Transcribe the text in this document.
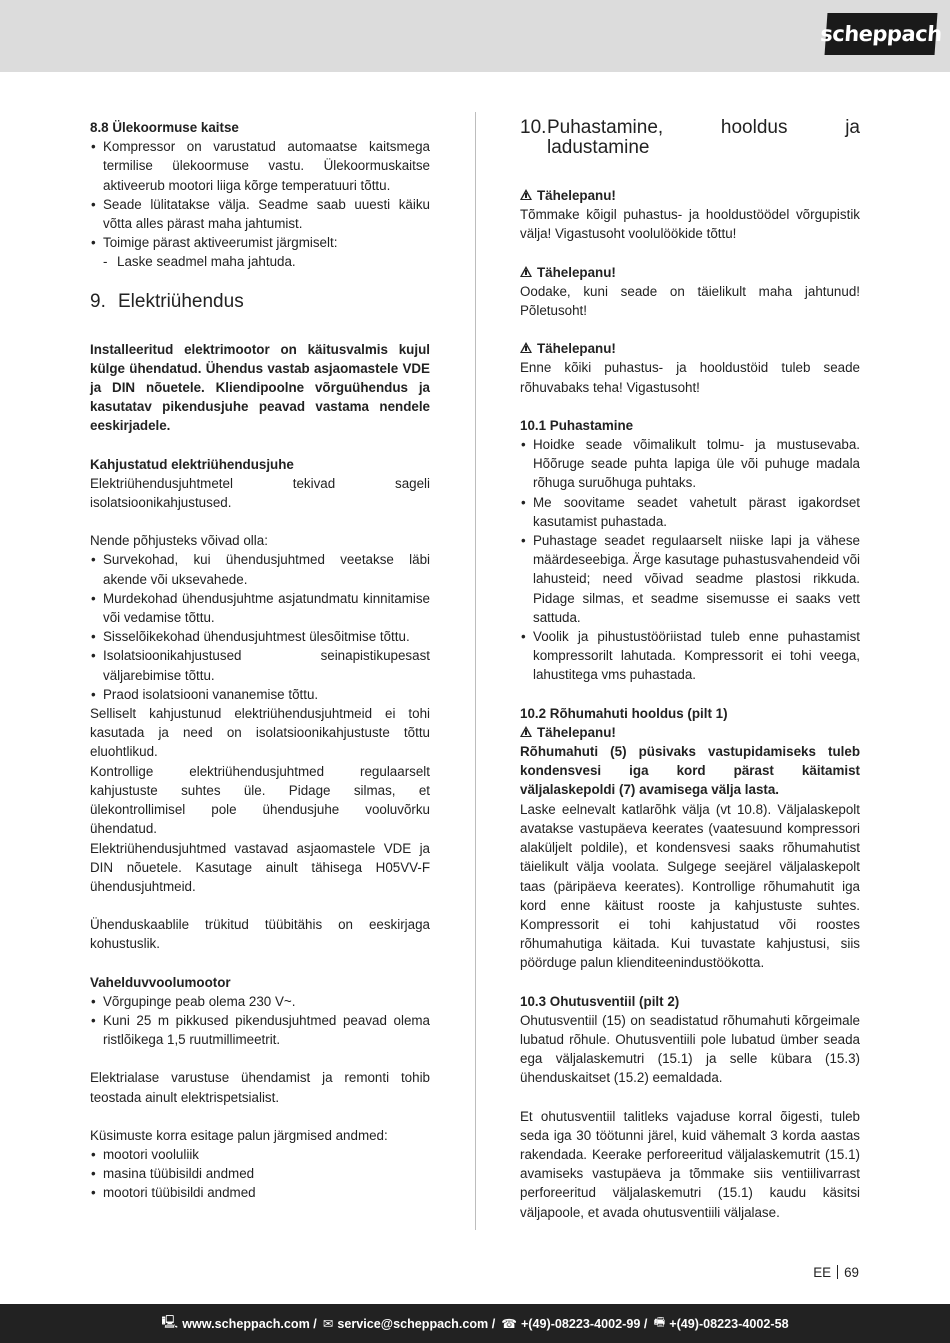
scheppach

8.8 Ülekoormuse kaitse

• Kompressor on varustatud automaatse kaitsmega termilise ülekoormuse vastu. Ülekoormuskaitse aktiveerub mootori liiga kõrge temperatuuri tõttu.
• Seade lülitatakse välja. Seadme saab uuesti käiku võtta alles pärast maha jahtumist.
• Toimige pärast aktiveerumist järgmiselt:
- Laske seadmel maha jahtuda.
9. Elektriühendus

Installeeritud elektrimootor on käitusvalmis kujul külge ühendatud. Ühendus vastab asjaomastele VDE ja DIN nõuetele. Kliendipoolne võrguühendus ja kasutatav pikendusjuhe peavad vastama nendele eeskirjadele.

Kahjustatud elektriühendusjuhe

Elektriühendusjuhtmetel tekivad sageli isolatsioonikahjustused.

Nende põhjusteks võivad olla:

• Survekohad, kui ühendusjuhtmed veetakse läbi akende või uksevahede.
• Murdekohad ühendusjuhtme asjatundmatu kinnitamise või vedamise tõttu.
• Sisselõikekohad ühendusjuhtmest ülesõitmise tõttu.
• Isolatsioonikahjustused seinapistikupesast väljarebimise tõttu.
• Praod isolatsiooni vananemise tõttu.

Selliselt kahjustunud elektriühendusjuhtmeid ei tohi kasutada ja need on isolatsioonikahjustuste tõttu eluohtlikud.

Kontrollige elektriühendusjuhtmed regulaarselt kahjustuste suhtes üle. Pidage silmas, et ülekontrollimisel pole ühendusjuhe vooluvõrku ühendatud.

Elektriühendusjuhtmed vastavad asjaomastele VDE ja DIN nõuetele. Kasutage ainult tähisega H05VV-F ühendusjuhtmeid.

Ühenduskaablile trükitud tüübitähis on eeskirjaga kohustuslik.

Vahelduvvoolumootor

• Võrgupinge peab olema 230 V~.
• Kuni 25 m pikkused pikendusjuhtmed peavad olema ristlõikega 1,5 ruutmillimeetrit.

Elektrialase varustuse ühendamist ja remonti tohib teostada ainult elektrispetsialist.

Küsimuste korra esitage palun järgmised andmed:

• mootori vooluliik
• masina tüübisildi andmed
• mootori tüübisildi andmed
10.Puhastamine, hooldus ja ladustamine

Tähelepanu!

Tõmmake kõigil puhastus- ja hooldustöödel võrgupistik välja! Vigastusoht voolulöökide tõttu!

Tähelepanu!

Oodake, kuni seade on täielikult maha jahtunud! Põletusoht!

Tähelepanu!

Enne kõiki puhastus- ja hooldustöid tuleb seade rõhuvabaks teha! Vigastusoht!

10.1 Puhastamine

• Hoidke seade võimalikult tolmu- ja mustusevaba. Hõõruge seade puhta lapiga üle või puhuge madala rõhuga suruõhuga puhtaks.
• Me soovitame seadet vahetult pärast igakordset kasutamist puhastada.
• Puhastage seadet regulaarselt niiske lapi ja vähese määrdeseebiga. Ärge kasutage puhastusvahendeid või lahusteid; need võivad seadme plastosi rikkuda. Pidage silmas, et seadme sisemusse ei saaks vett sattuda.
• Voolik ja pihustustööriistad tuleb enne puhastamist kompressorilt lahutada. Kompressorit ei tohi veega, lahustitega vms puhastada.

10.2 Rõhumahuti hooldus (pilt 1)

Tähelepanu!

Rõhumahuti (5) püsivaks vastupidamiseks tuleb kondensvesi iga kord pärast käitamist väljalaskepoldi (7) avamisega välja lasta.

Laske eelnevalt katlarõhk välja (vt 10.8). Väljalaskepolt avatakse vastupäeva keerates (vaatesuund kompressori alaküljelt poldile), et kondensvesi saaks rõhumahutist täielikult välja voolata. Sulgege seejärel väljalaskepolt taas (päripäeva keerates). Kontrollige rõhumahutit iga kord enne käitust rooste ja kahjustuste suhtes. Kompressorit ei tohi kahjustatud või roostes rõhumahutiga käitada. Kui tuvastate kahjustusi, siis pöörduge palun klienditeenindustöökotta.

10.3 Ohutusventiil (pilt 2)

Ohutusventiil (15) on seadistatud rõhumahuti kõrgeimale lubatud rõhule. Ohutusventiili pole lubatud ümber seada ega väljalaskemutri (15.1) ja selle kübara (15.3) ühenduskaitset (15.2) eemaldada.

Et ohutusventiil talitleks vajaduse korral õigesti, tuleb seda iga 30 töötunni järel, kuid vähemalt 3 korda aastas rakendada. Keerake perforeeritud väljalaskemutrit (15.1) avamiseks vastupäeva ja tõmmake siis ventiilivarrast perforeeritud väljalaskemutri (15.1) kaudu käsitsi väljapoole, et avada ohutusventiili väljalase.

EE 69
🖳 www.scheppach.com / ✉ service@scheppach.com / ☎ +(49)-08223-4002-99 / 🖷 +(49)-08223-4002-58
